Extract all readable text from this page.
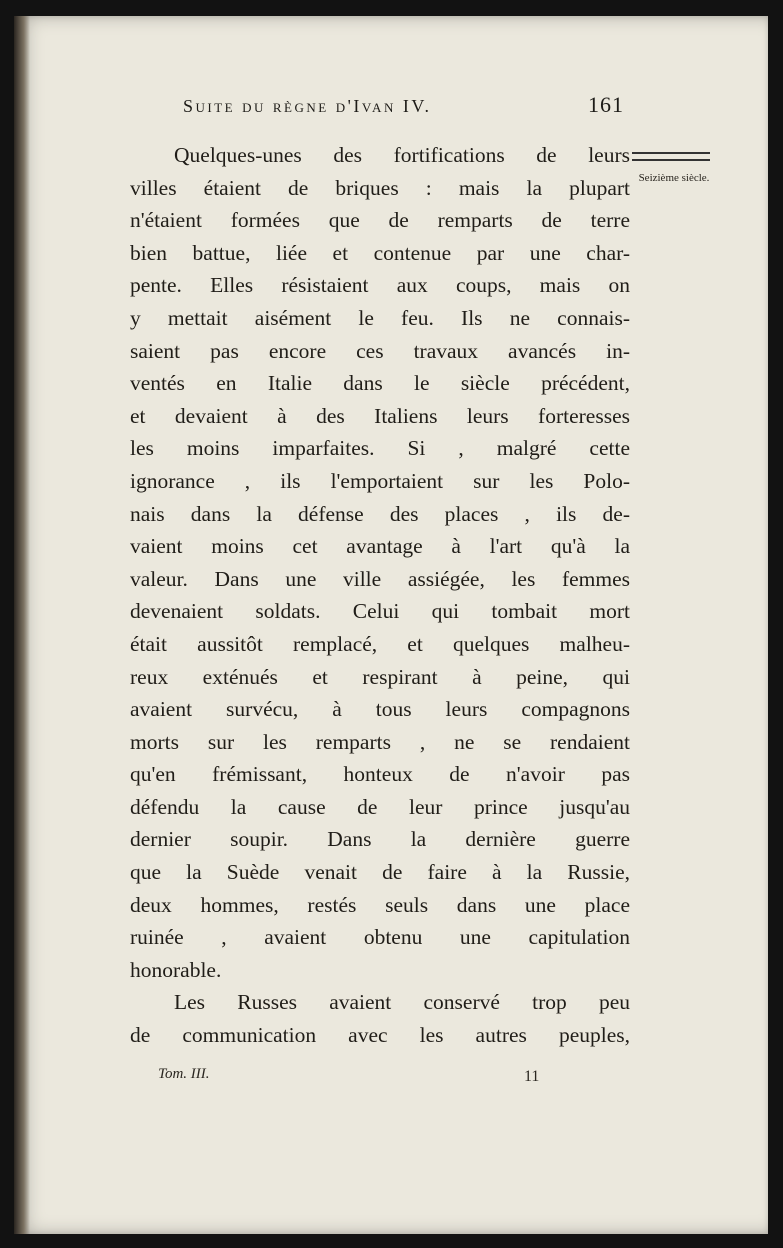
Suite du règne d'Ivan IV.	161
Seizième siècle.
Quelques-unes des fortifications de leurs
villes étaient de briques : mais la plupart
n'étaient formées que de remparts de terre
bien battue, liée et contenue par une char-
pente. Elles résistaient aux coups, mais on
y mettait aisément le feu. Ils ne connais-
saient pas encore ces travaux avancés in-
ventés en Italie dans le siècle précédent,
et devaient à des Italiens leurs forteresses
les moins imparfaites. Si , malgré cette
ignorance , ils l'emportaient sur les Polo-
nais dans la défense des places , ils de-
vaient moins cet avantage à l'art qu'à la
valeur. Dans une ville assiégée, les femmes
devenaient soldats. Celui qui tombait mort
était aussitôt remplacé, et quelques malheu-
reux exténués et respirant à peine, qui
avaient survécu, à tous leurs compagnons
morts sur les remparts , ne se rendaient
qu'en frémissant, honteux de n'avoir pas
défendu la cause de leur prince jusqu'au
dernier soupir. Dans la dernière guerre
que la Suède venait de faire à la Russie,
deux hommes, restés seuls dans une place
ruinée , avaient obtenu une capitulation
honorable.
Les Russes avaient conservé trop peu
de communication avec les autres peuples,
Tom. III.	11
